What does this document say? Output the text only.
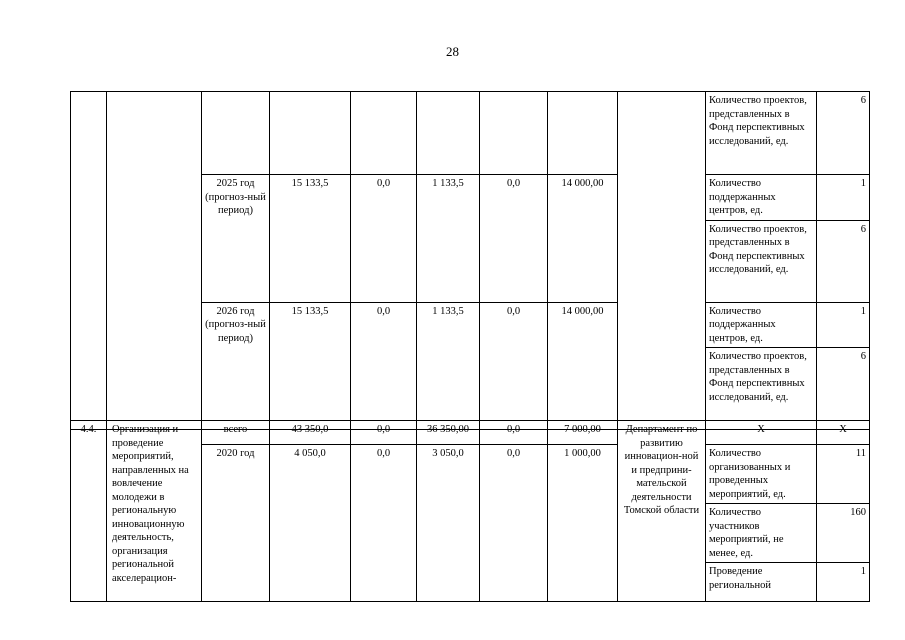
28
									Количество проектов, представленных в Фонд перспективных исследований, ед.	6
		2025 год (прогноз-ный период)	15 133,5	0,0	1 133,5	0,0	14 000,00		Количество поддержанных центров, ед.	1
									Количество проектов, представленных в Фонд перспективных исследований, ед.	6
		2026 год (прогноз-ный период)	15 133,5	0,0	1 133,5	0,0	14 000,00		Количество поддержанных центров, ед.	1
									Количество проектов, представленных в Фонд перспективных исследований, ед.	6
4.4.	Организация и проведение мероприятий, направленных на вовлечение молодежи в региональную инновационную деятельность, организация региональной акселерацион-	всего	43 350,0	0,0	36 350,00	0,0	7 000,00	Департамент по развитию инновацион-ной и предприни-мательской деятельности Томской области	Х	Х
		2020 год	4 050,0	0,0	3 050,0	0,0	1 000,00		Количество организованных и проведенных мероприятий, ед.	11
									Количество участников мероприятий, не менее, ед.	160
									Проведение региональной	1
